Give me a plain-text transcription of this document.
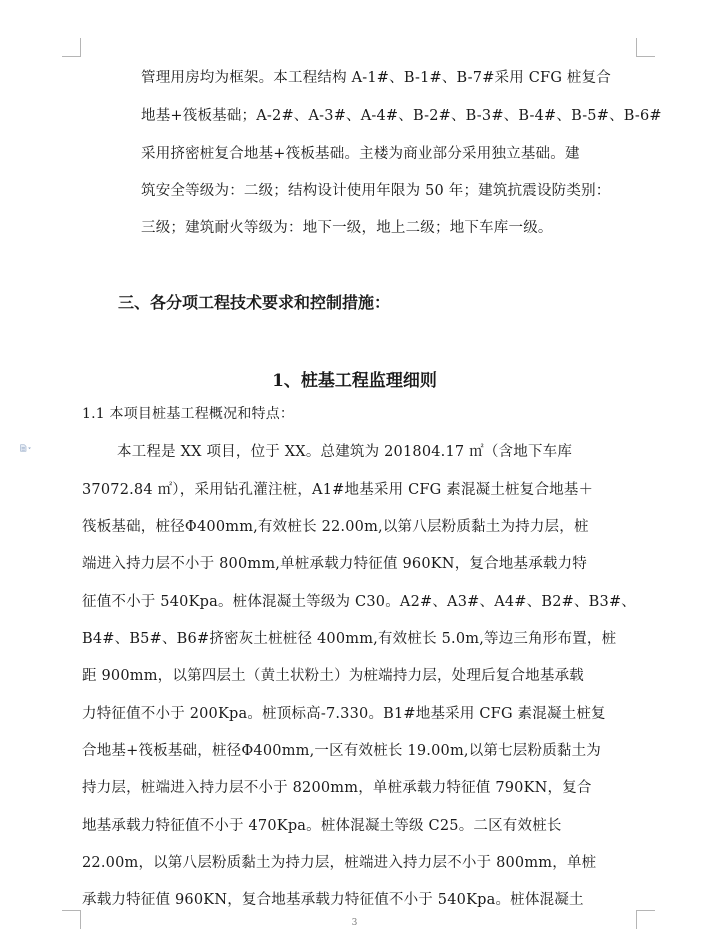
管理用房均为框架。本工程结构 A-1#、B-1#、B-7#采用 CFG 桩复合
地基+筏板基础；A-2#、A-3#、A-4#、B-2#、B-3#、B-4#、B-5#、B-6#
采用挤密桩复合地基+筏板基础。主楼为商业部分采用独立基础。建
筑安全等级为：二级；结构设计使用年限为 50 年；建筑抗震设防类别：
三级；建筑耐火等级为：地下一级，地上二级；地下车库一级。
三、各分项工程技术要求和控制措施：
1、桩基工程监理细则
1.1 本项目桩基工程概况和特点：
本工程是 XX 项目，位于 XX。总建筑为 201804.17 ㎡（含地下车库
37072.84 ㎡），采用钻孔灌注桩，A1#地基采用 CFG 素混凝土桩复合地基＋
筏板基础，桩径Φ400mm,有效桩长 22.00m,以第八层粉质黏土为持力层，桩
端进入持力层不小于 800mm,单桩承载力特征值 960KN，复合地基承载力特
征值不小于 540Kpa。桩体混凝土等级为 C30。A2#、A3#、A4#、B2#、B3#、
B4#、B5#、B6#挤密灰土桩桩径 400mm,有效桩长 5.0m,等边三角形布置，桩
距 900mm，以第四层土（黄土状粉土）为桩端持力层，处理后复合地基承载
力特征值不小于 200Kpa。桩顶标高-7.330。B1#地基采用 CFG 素混凝土桩复
合地基+筏板基础，桩径Φ400mm,一区有效桩长 19.00m,以第七层粉质黏土为
持力层，桩端进入持力层不小于 8200mm，单桩承载力特征值 790KN，复合
地基承载力特征值不小于 470Kpa。桩体混凝土等级 C25。二区有效桩长
22.00m，以第八层粉质黏土为持力层，桩端进入持力层不小于 800mm，单桩
承载力特征值 960KN，复合地基承载力特征值不小于 540Kpa。桩体混凝土
3
